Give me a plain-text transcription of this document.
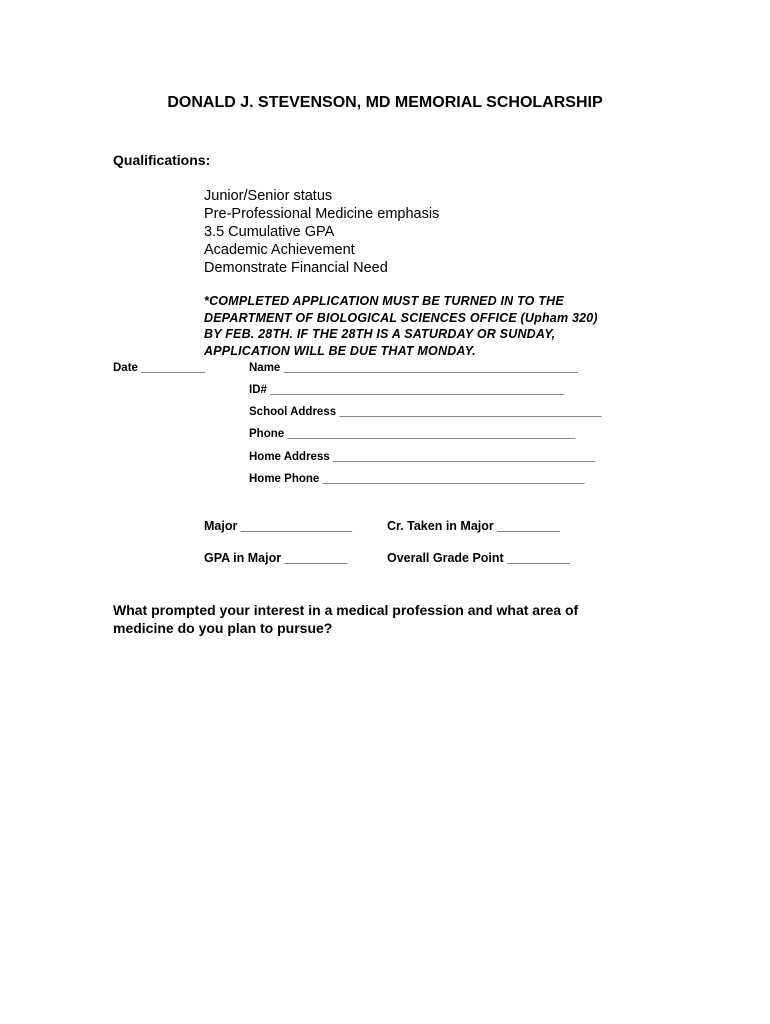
DONALD J. STEVENSON, MD MEMORIAL SCHOLARSHIP
Qualifications:
Junior/Senior status
Pre-Professional Medicine emphasis
3.5 Cumulative GPA
Academic Achievement
Demonstrate Financial Need
*COMPLETED APPLICATION MUST BE TURNED IN TO THE
DEPARTMENT OF BIOLOGICAL SCIENCES OFFICE (Upham 320)
BY FEB. 28TH. IF THE 28TH IS A SATURDAY OR SUNDAY,
APPLICATION WILL BE DUE THAT MONDAY.
Date __________	Name ______________________________________________
ID# ______________________________________________
School Address _________________________________________
Phone _____________________________________________
Home Address _________________________________________
Home Phone _________________________________________
Major ________________	Cr. Taken in Major _________
GPA in Major _________	Overall Grade Point _________
What prompted your interest in a medical profession and what area of
medicine do you plan to pursue?
